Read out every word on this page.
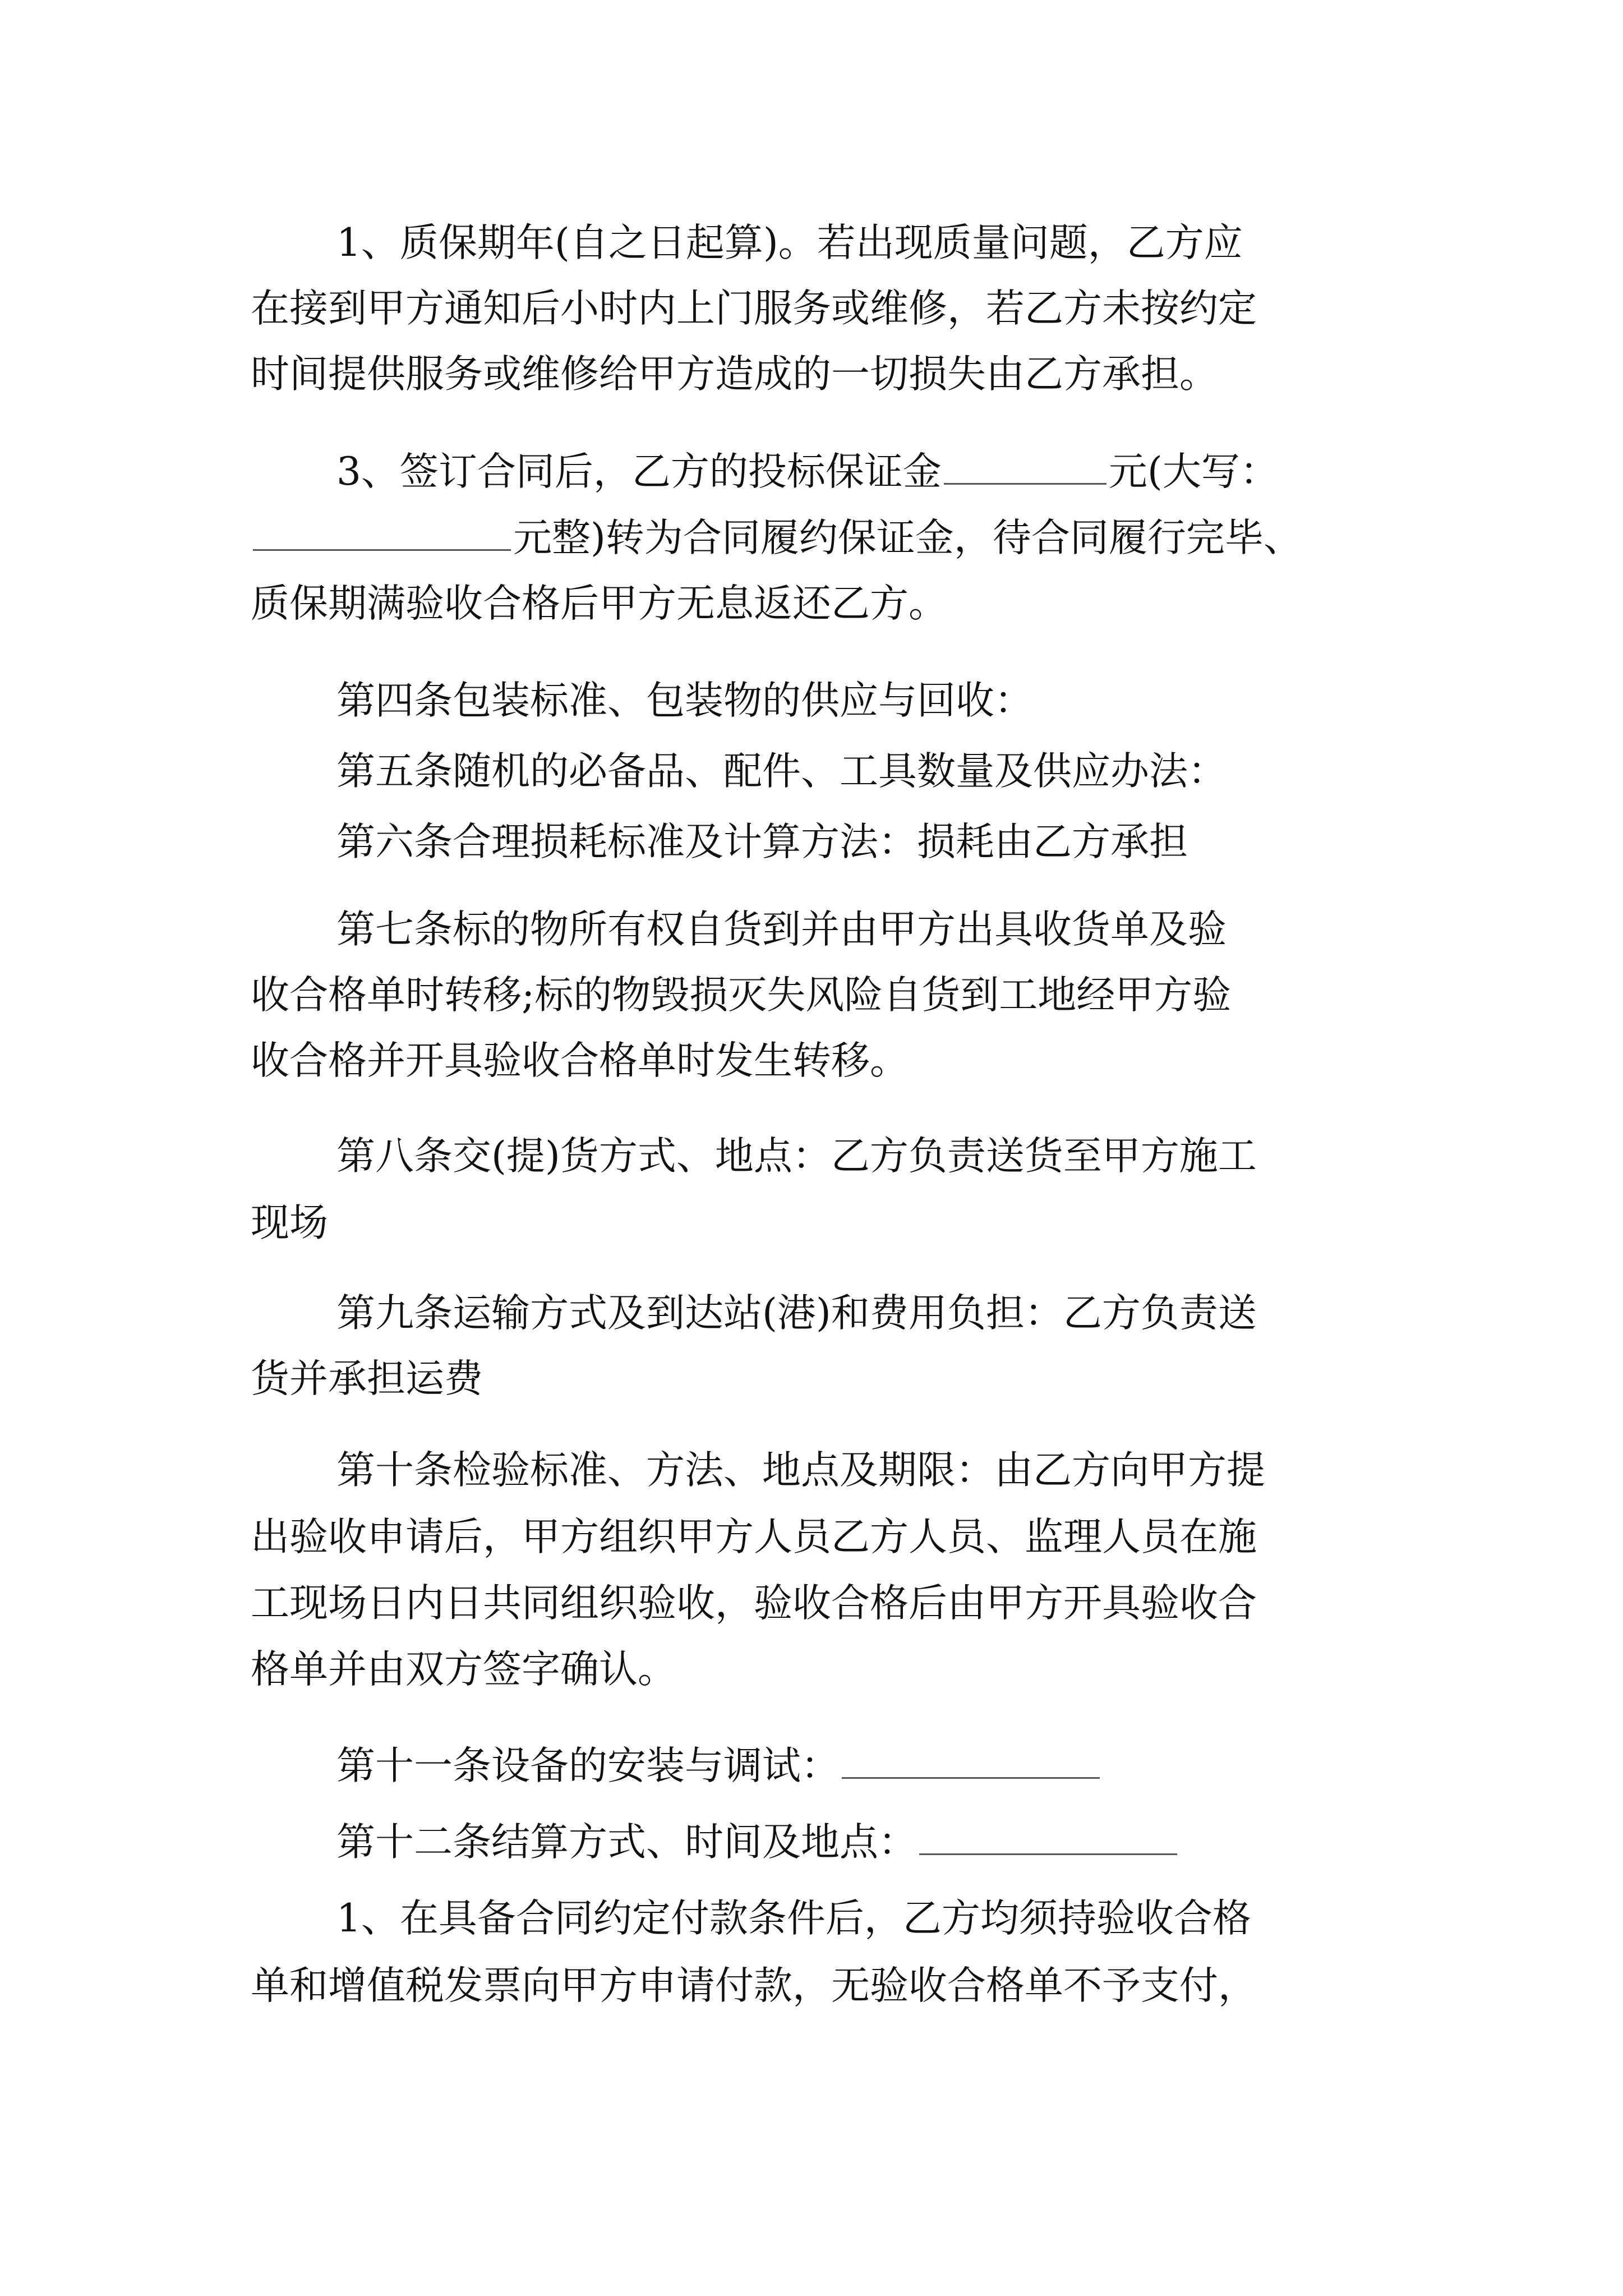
1、质保期年(自之日起算)。若出现质量问题，乙方应
在接到甲方通知后小时内上门服务或维修，若乙方未按约定
时间提供服务或维修给甲方造成的一切损失由乙方承担。
3、签订合同后，乙方的投标保证金	元(大写：
元整)转为合同履约保证金，待合同履行完毕、
质保期满验收合格后甲方无息返还乙方。
第四条包装标准、包装物的供应与回收：
第五条随机的必备品、配件、工具数量及供应办法：
第六条合理损耗标准及计算方法：损耗由乙方承担
第七条标的物所有权自货到并由甲方出具收货单及验
收合格单时转移;标的物毁损灭失风险自货到工地经甲方验
收合格并开具验收合格单时发生转移。
第八条交(提)货方式、地点：乙方负责送货至甲方施工
现场
第九条运输方式及到达站(港)和费用负担：乙方负责送
货并承担运费
第十条检验标准、方法、地点及期限：由乙方向甲方提
出验收申请后，甲方组织甲方人员乙方人员、监理人员在施
工现场日内日共同组织验收，验收合格后由甲方开具验收合
格单并由双方签字确认。
第十一条设备的安装与调试：
第十二条结算方式、时间及地点：
1、在具备合同约定付款条件后，乙方均须持验收合格
单和增值税发票向甲方申请付款，无验收合格单不予支付，
